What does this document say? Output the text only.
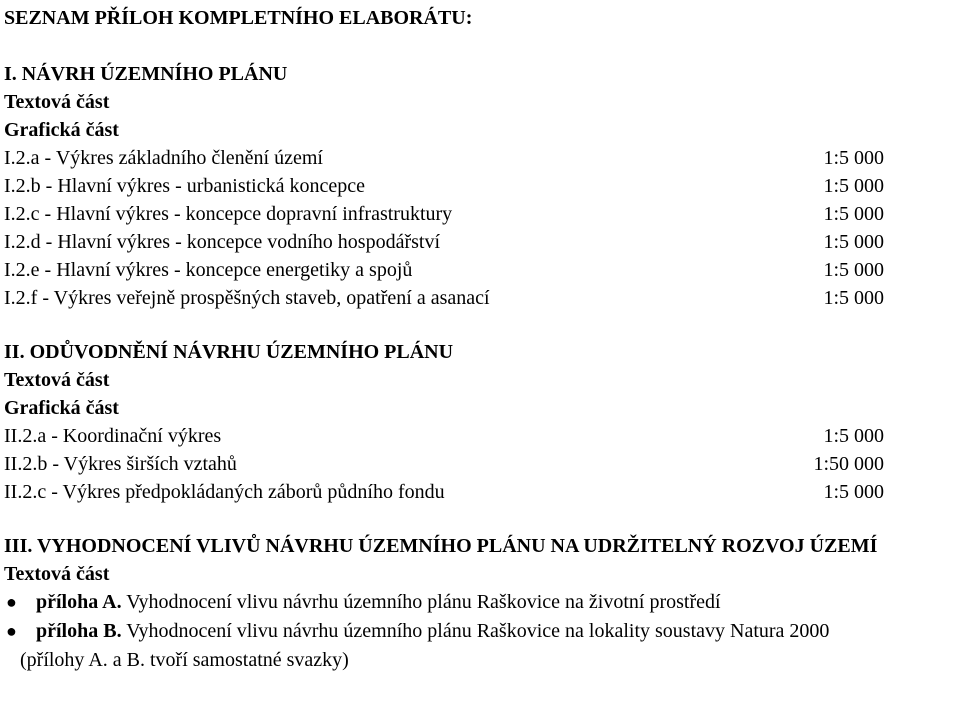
SEZNAM PŘÍLOH KOMPLETNÍHO ELABORÁTU:
I. NÁVRH ÚZEMNÍHO PLÁNU
Textová část
Grafická část
I.2.a - Výkres základního členění území	1:5 000
I.2.b - Hlavní výkres - urbanistická koncepce	1:5 000
I.2.c - Hlavní výkres - koncepce dopravní infrastruktury	1:5 000
I.2.d - Hlavní výkres - koncepce vodního hospodářství	1:5 000
I.2.e - Hlavní výkres - koncepce energetiky a spojů	1:5 000
I.2.f - Výkres veřejně prospěšných staveb, opatření a asanací	1:5 000
II. ODŮVODNĚNÍ NÁVRHU ÚZEMNÍHO PLÁNU
Textová část
Grafická část
II.2.a - Koordinační výkres	1:5 000
II.2.b - Výkres širších vztahů	1:50 000
II.2.c - Výkres předpokládaných záborů půdního fondu	1:5 000
III. VYHODNOCENÍ VLIVŮ NÁVRHU ÚZEMNÍHO PLÁNU NA UDRŽITELNÝ ROZVOJ ÚZEMÍ
Textová část
● příloha A. Vyhodnocení vlivu návrhu územního plánu Raškovice na životní prostředí
● příloha B. Vyhodnocení vlivu návrhu územního plánu Raškovice na lokality soustavy Natura 2000
(přílohy A. a B. tvoří samostatné svazky)
